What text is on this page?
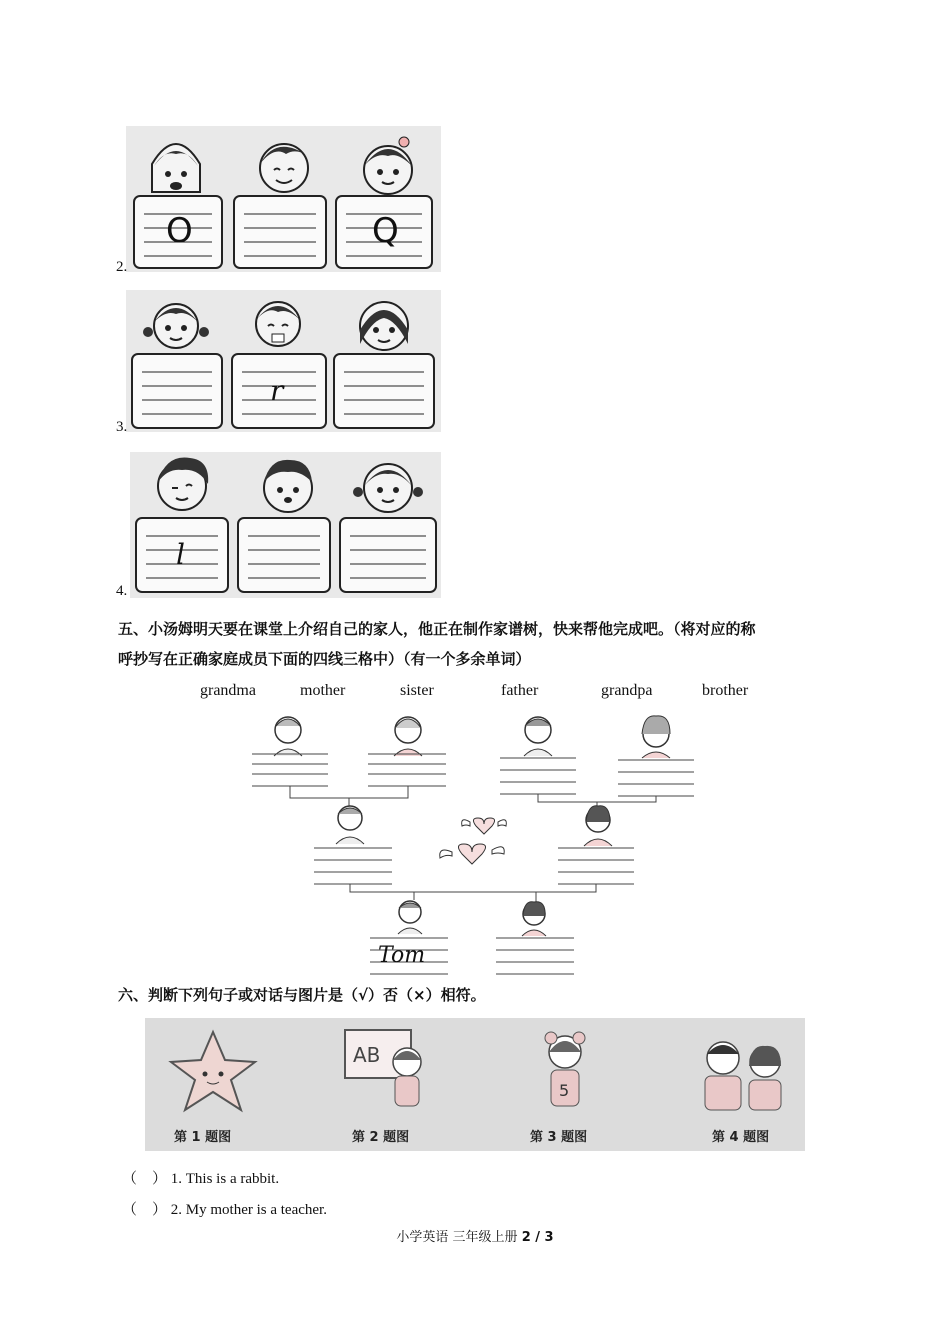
O	Q
2.
r
3.
l
4.
五、小汤姆明天要在课堂上介绍自己的家人，他正在制作家谱树，快来帮他完成吧。（将对应的称
呼抄写在正确家庭成员下面的四线三格中）（有一个多余单词）
grandma	mother	sister	father	grandpa	brother
Tom
六、判断下列句子或对话与图片是（√）否（×）相符。
AB
5
第 1 题图	第 2 题图	第 3 题图	第 4 题图
（　） 1. This is a rabbit.
（　） 2. My mother is a teacher.
小学英语 三年级上册 2 / 3
